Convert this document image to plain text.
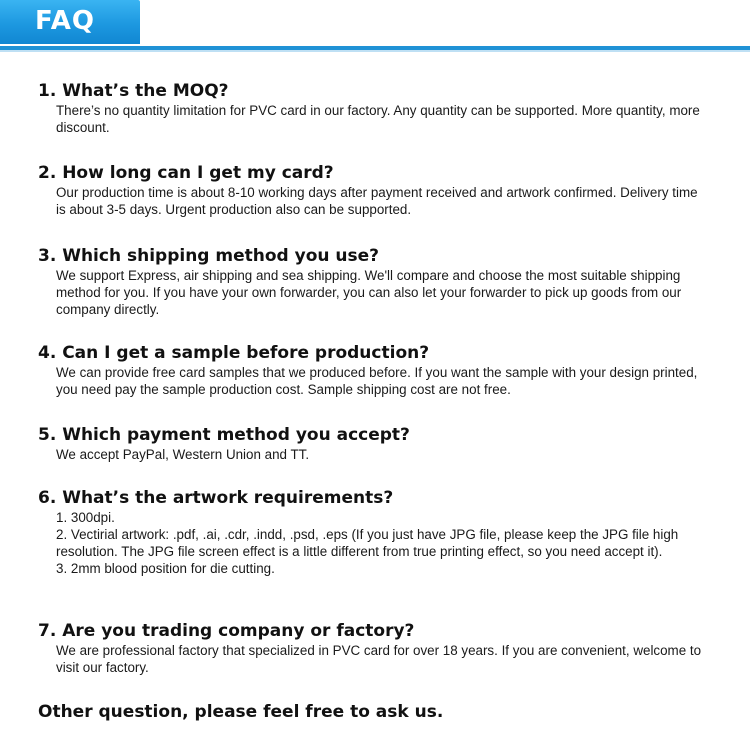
FAQ
1. What’s the MOQ?

There’s no quantity limitation for PVC card in our factory. Any quantity can be supported. More quantity, more discount.

2. How long can I get my card?

Our production time is about 8-10 working days after payment received and artwork confirmed. Delivery time is about 3-5 days. Urgent production also can be supported.

3. Which shipping method you use?

We support Express, air shipping and sea shipping. We'll compare and choose the most suitable shipping method for you. If you have your own forwarder, you can also let your forwarder to pick up goods from our company directly.

4. Can I get a sample before production?

We can provide free card samples that we produced before. If you want the sample with your design printed, you need pay the sample production cost. Sample shipping cost are not free.

5. Which payment method you accept?

We accept PayPal, Western Union and TT.

6. What’s the artwork requirements?

1. 300dpi.

2. Vectirial artwork: .pdf, .ai, .cdr, .indd, .psd, .eps (If you just have JPG file, please keep the JPG file high resolution. The JPG file screen effect is a little different from true printing effect, so you need accept it).

3. 2mm blood position for die cutting.

7. Are you trading company or factory?

We are professional factory that specialized in PVC card for over 18 years. If you are convenient, welcome to visit our factory.

Other question, please feel free to ask us.
